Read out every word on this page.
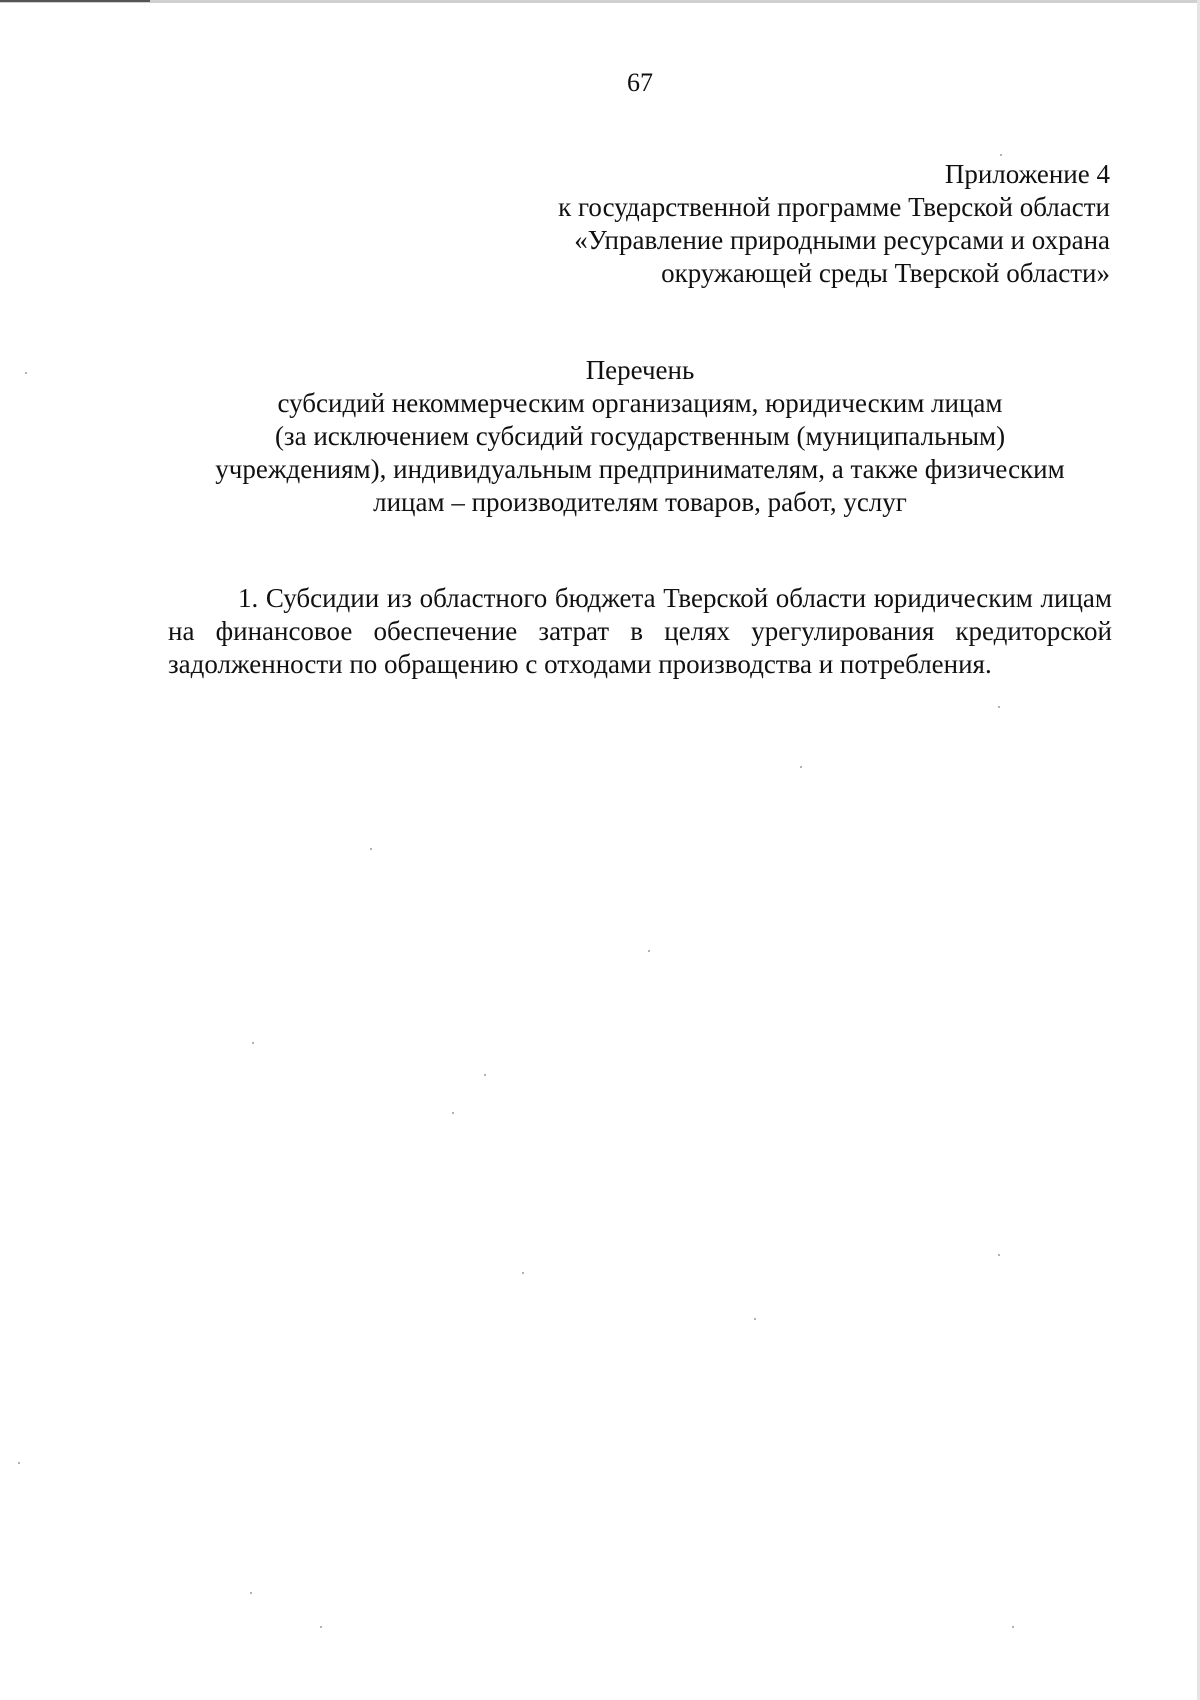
67
Приложение 4
к государственной программе Тверской области
«Управление природными ресурсами и охрана
окружающей среды Тверской области»
Перечень
субсидий некоммерческим организациям, юридическим лицам
(за исключением субсидий государственным (муниципальным)
учреждениям), индивидуальным предпринимателям, а также физическим
лицам – производителям товаров, работ, услуг
1. Субсидии из областного бюджета Тверской области юридическим лицам на финансовое обеспечение затрат в целях урегулирования кредиторской задолженности по обращению с отходами производства и потребления.
